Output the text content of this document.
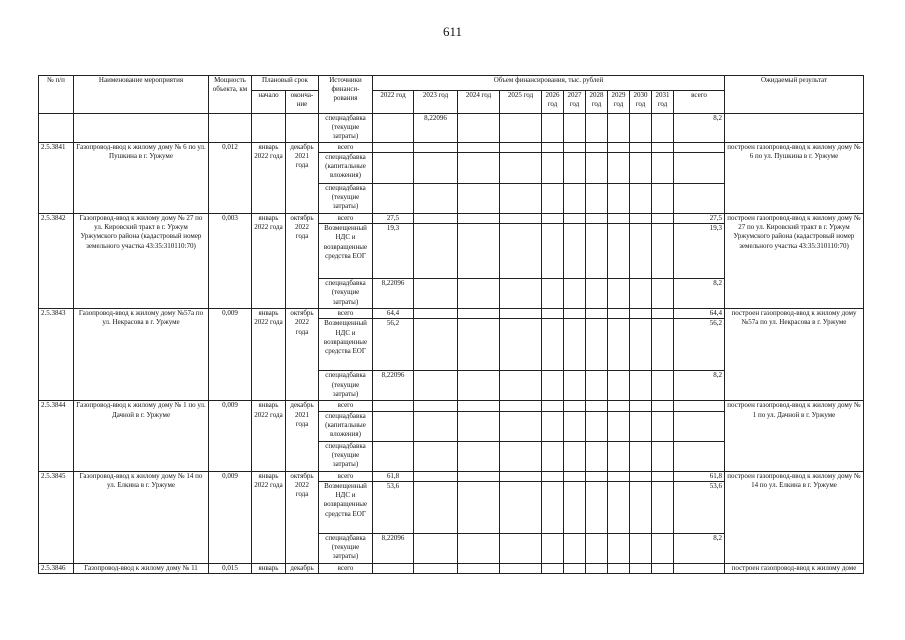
611
№ п/п	Наименование мероприятия	Мощность объекта, км	Плановый срок		Источники финанси-рования	Объем финансирования, тыс. рублей											Ожидаемый результат
			начало	оконча-ние		2022 год	2023 год	2024 год	2025 год	2026 год	2027 год	2028 год	2029 год	2030 год	2031 год	всего	
					спецнадбавка (текущие затраты)		8,22096									8,2	
2.5.3841	Газопровод-ввод к жилому дому № 6 по ул. Пушкина в г. Уржуме	0,012	январь 2022 года	декабрь 2021 года	всего												построен газопровод-ввод к жилому дому № 6 по ул. Пушкина в г. Уржуме
					спецнадбавка (капитальные вложения)												
					спецнадбавка (текущие затраты)												
2.5.3842	Газопровод-ввод к жилому дому № 27 по ул. Кировский тракт в г. Уржум Уржумского района (кадастровый номер земельного участка 43:35:310110:70)	0,003	январь 2022 года	октябрь 2022 года	всего	27,5										27,5	построен газопровод-ввод к жилому дому № 27 по ул. Кировский тракт в г. Уржум Уржумского района (кадастровый номер земельного участка 43:35:310110:70)
					Возмещенный НДС и возвращенные средства ЕОГ	19,3										19,3	
					спецнадбавка (текущие затраты)	8,22096										8,2	
2.5.3843	Газопровод-ввод к жилому дому №57а по ул. Некрасова в г. Уржуме	0,009	январь 2022 года	октябрь 2022 года	всего	64,4										64,4	построен газопровод-ввод к жилому дому №57а по ул. Некрасова в г. Уржуме
					Возмещенный НДС и возвращенные средства ЕОГ	56,2										56,2	
					спецнадбавка (текущие затраты)	8,22096										8,2	
2.5.3844	Газопровод-ввод к жилому дому № 1 по ул. Дачной в г. Уржуме	0,009	январь 2022 года	декабрь 2021 года	всего												построен газопровод-ввод к жилому дому № 1 по ул. Дачной в г. Уржуме
					спецнадбавка (капитальные вложения)												
					спецнадбавка (текущие затраты)												
2.5.3845	Газопровод-ввод к жилому дому № 14 по ул. Елкина в г. Уржуме	0,009	январь 2022 года	октябрь 2022 года	всего	61,8										61,8	построен газопровод-ввод к жилому дому № 14 по ул. Елкина в г. Уржуме
					Возмещенный НДС и возвращенные средства ЕОГ	53,6										53,6	
					спецнадбавка (текущие затраты)	8,22096										8,2	
2.5.3846	Газопровод-ввод к жилому дому № 11	0,015	январь	декабрь	всего												построен газопровод-ввод к жилому доме
